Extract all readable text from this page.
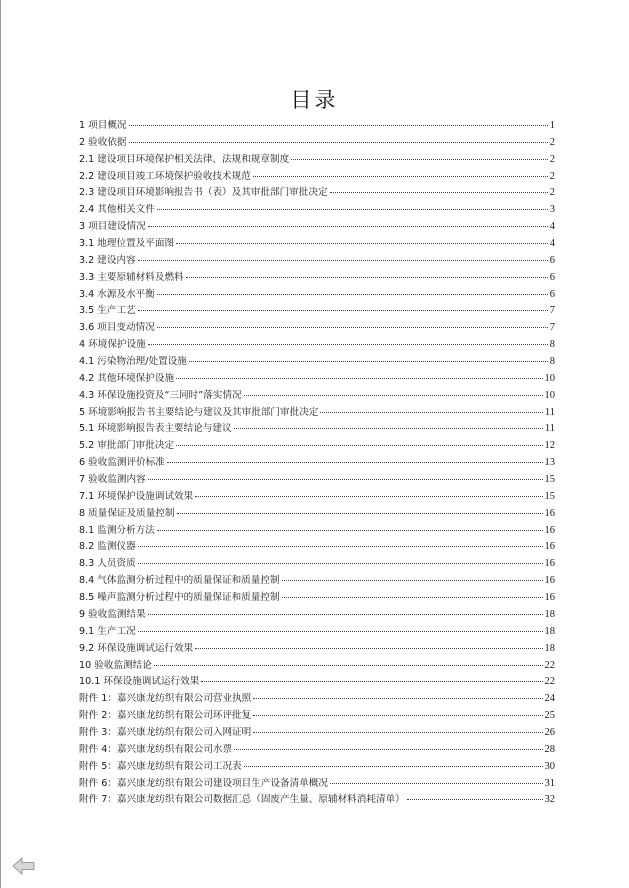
目录
1 项目概况	1
2 验收依据	2
2.1 建设项目环境保护相关法律、法规和规章制度	2
2.2 建设项目竣工环境保护验收技术规范	2
2.3 建设项目环境影响报告书（表）及其审批部门审批决定	2
2.4 其他相关文件	3
3 项目建设情况	4
3.1 地理位置及平面图	4
3.2 建设内容	6
3.3 主要原辅材料及燃料	6
3.4 水源及水平衡	6
3.5 生产工艺	7
3.6 项目变动情况	7
4 环境保护设施	8
4.1 污染物治理/处置设施	8
4.2 其他环境保护设施	10
4.3 环保设施投资及“三同时”落实情况	10
5 环境影响报告书主要结论与建议及其审批部门审批决定	11
5.1 环境影响报告表主要结论与建议	11
5.2 审批部门审批决定	12
6 验收监测评价标准	13
7 验收监测内容	15
7.1 环境保护设施调试效果	15
8 质量保证及质量控制	16
8.1 监测分析方法	16
8.2 监测仪器	16
8.3 人员资质	16
8.4 气体监测分析过程中的质量保证和质量控制	16
8.5 噪声监测分析过程中的质量保证和质量控制	16
9 验收监测结果	18
9.1 生产工况	18
9.2 环保设施调试运行效果	18
10 验收监测结论	22
10.1 环保设施调试运行效果	22
附件 1：嘉兴康龙纺织有限公司营业执照	24
附件 2：嘉兴康龙纺织有限公司环评批复	25
附件 3：嘉兴康龙纺织有限公司入网证明	26
附件 4：嘉兴康龙纺织有限公司水票	28
附件 5：嘉兴康龙纺织有限公司工况表	30
附件 6：嘉兴康龙纺织有限公司建设项目生产设备清单概况	31
附件 7：嘉兴康龙纺织有限公司数据汇总（固废产生量、原辅材料消耗清单）	32
